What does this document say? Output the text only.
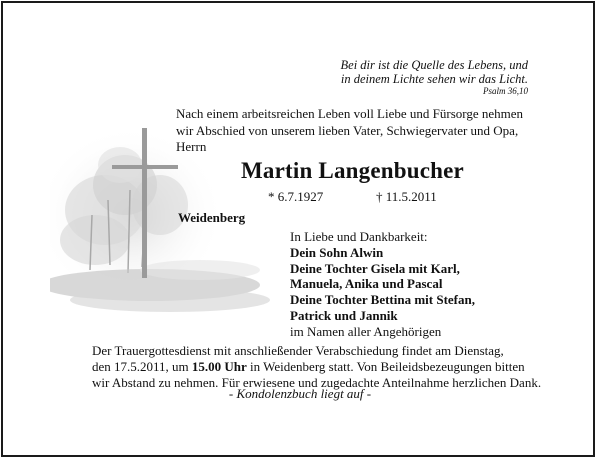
Bei dir ist die Quelle des Lebens, und
in deinem Lichte sehen wir das Licht.
Psalm 36,10
Nach einem arbeitsreichen Leben voll Liebe und Fürsorge nehmen
wir Abschied von unserem lieben Vater, Schwiegervater und Opa,
Herrn
Martin Langenbucher
* 6.7.1927	† 11.5.2011
Weidenberg
In Liebe und Dankbarkeit:
Dein Sohn Alwin
Deine Tochter Gisela mit Karl,
Manuela, Anika und Pascal
Deine Tochter Bettina mit Stefan,
Patrick und Jannik
im Namen aller Angehörigen
Der Trauergottesdienst mit anschließender Verabschiedung findet am Dienstag,
den 17.5.2011, um 15.00 Uhr in Weidenberg statt. Von Beileidsbezeugungen bitten
wir Abstand zu nehmen. Für erwiesene und zugedachte Anteilnahme herzlichen Dank.
- Kondolenzbuch liegt auf -
